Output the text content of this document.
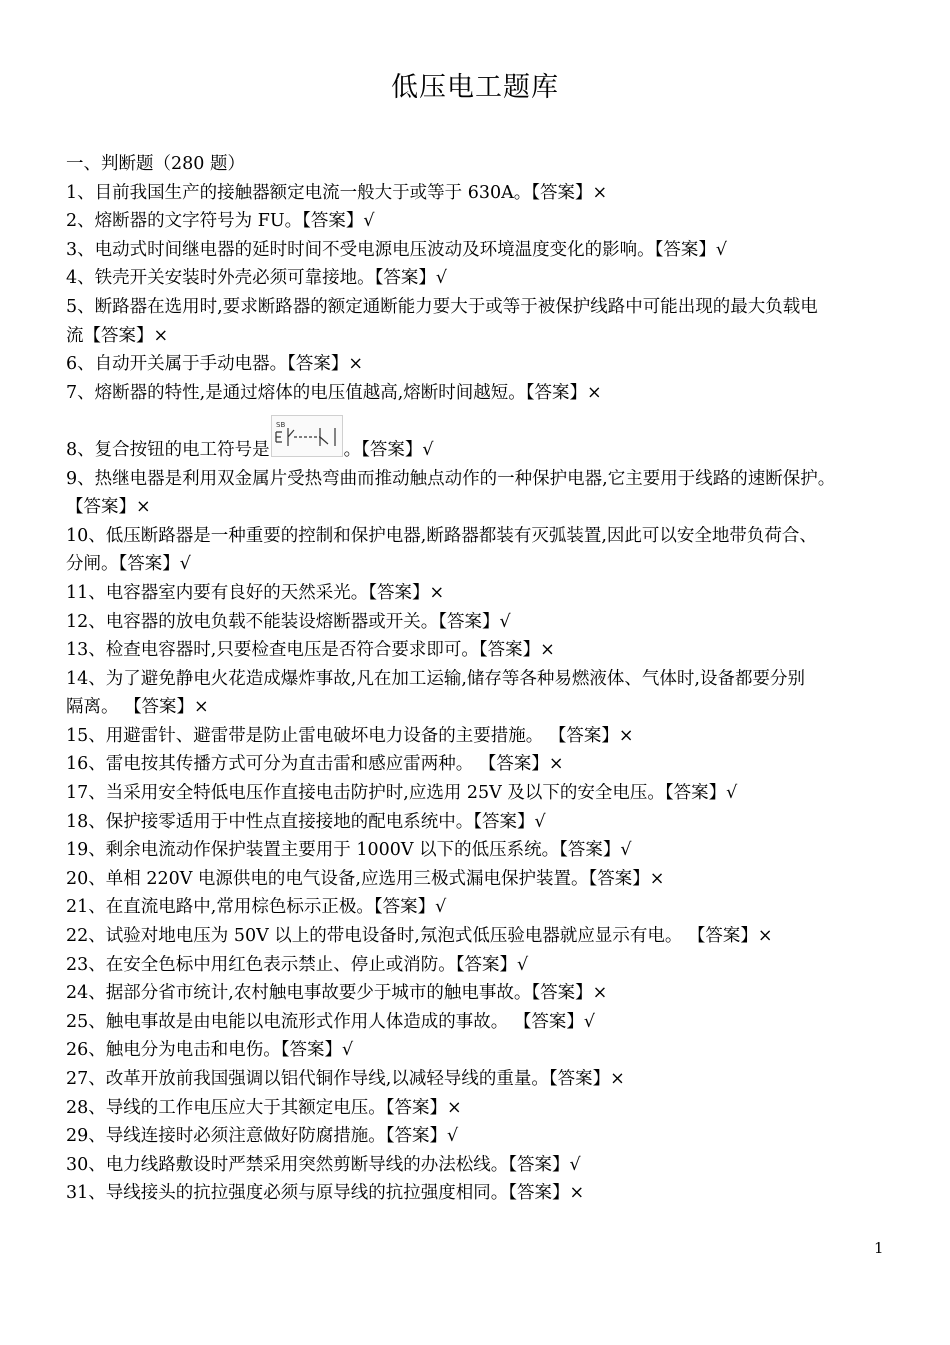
低压电工题库
一、判断题（280 题）
1、目前我国生产的接触器额定电流一般大于或等于 630A。【答案】×
2、熔断器的文字符号为 FU。【答案】√
3、电动式时间继电器的延时时间不受电源电压波动及环境温度变化的影响。【答案】√
4、铁壳开关安装时外壳必须可靠接地。【答案】√
5、断路器在选用时,要求断路器的额定通断能力要大于或等于被保护线路中可能出现的最大负载电
流【答案】×
6、自动开关属于手动电器。【答案】×
7、熔断器的特性,是通过熔体的电压值越高,熔断时间越短。【答案】×
8、复合按钮的电工符号是
SB
。【答案】√
9、热继电器是利用双金属片受热弯曲而推动触点动作的一种保护电器,它主要用于线路的速断保护。
【答案】×
10、低压断路器是一种重要的控制和保护电器,断路器都装有灭弧装置,因此可以安全地带负荷合、
分闸。【答案】√
11、电容器室内要有良好的天然采光。【答案】×
12、电容器的放电负载不能装设熔断器或开关。【答案】√
13、检查电容器时,只要检查电压是否符合要求即可。【答案】×
14、为了避免静电火花造成爆炸事故,凡在加工运输,储存等各种易燃液体、气体时,设备都要分别
隔离。 【答案】×
15、用避雷针、避雷带是防止雷电破坏电力设备的主要措施。 【答案】×
16、雷电按其传播方式可分为直击雷和感应雷两种。 【答案】×
17、当采用安全特低电压作直接电击防护时,应选用 25V 及以下的安全电压。【答案】√
18、保护接零适用于中性点直接接地的配电系统中。【答案】√
19、剩余电流动作保护装置主要用于 1000V 以下的低压系统。【答案】√
20、单相 220V 电源供电的电气设备,应选用三极式漏电保护装置。【答案】×
21、在直流电路中,常用棕色标示正极。【答案】√
22、试验对地电压为 50V 以上的带电设备时,氖泡式低压验电器就应显示有电。 【答案】×
23、在安全色标中用红色表示禁止、停止或消防。【答案】√
24、据部分省市统计,农村触电事故要少于城市的触电事故。【答案】×
25、触电事故是由电能以电流形式作用人体造成的事故。 【答案】√
26、触电分为电击和电伤。【答案】√
27、改革开放前我国强调以铝代铜作导线,以减轻导线的重量。【答案】×
28、导线的工作电压应大于其额定电压。【答案】×
29、导线连接时必须注意做好防腐措施。【答案】√
30、电力线路敷设时严禁采用突然剪断导线的办法松线。【答案】√
31、导线接头的抗拉强度必须与原导线的抗拉强度相同。【答案】×
1
